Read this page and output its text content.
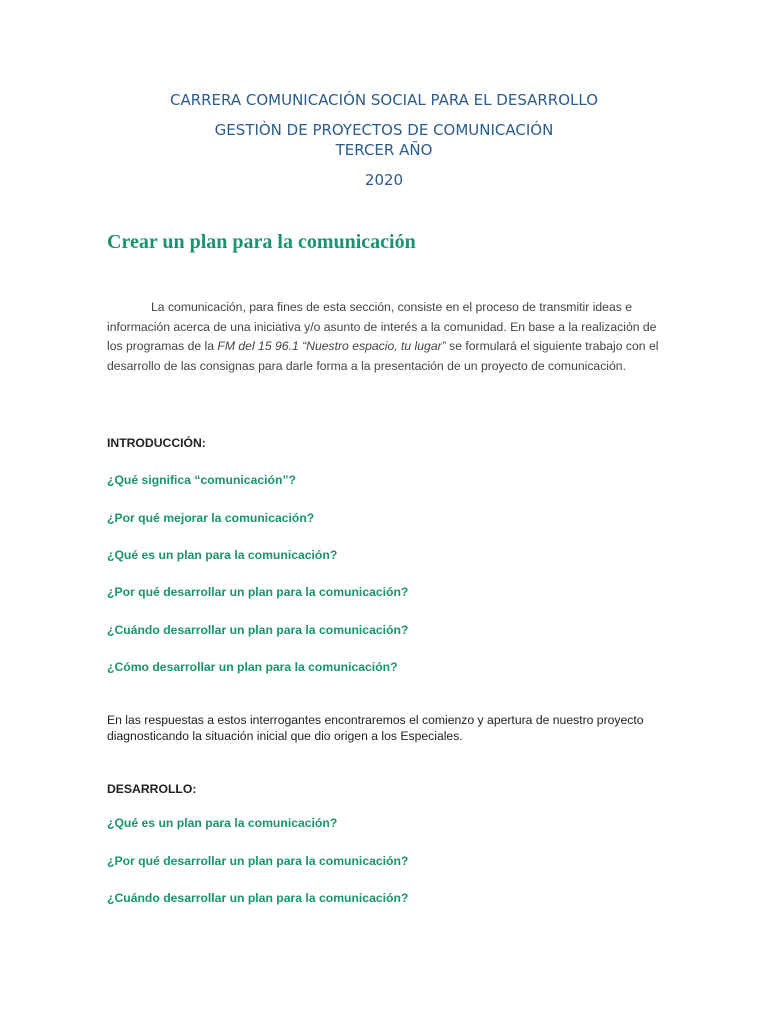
CARRERA COMUNICACIÓN SOCIAL PARA EL DESARROLLO

GESTIÒN DE PROYECTOS DE COMUNICACIÓN

TERCER AÑO

2020

Crear un plan para la comunicación

La comunicación, para fines de esta sección, consiste en el proceso de transmitir ideas e información acerca de una iniciativa y/o asunto de interés a la comunidad. En base a la realización de los programas de la FM del 15 96.1 “Nuestro espacio, tu lugar” se formulará el siguiente trabajo con el desarrollo de las consignas para darle forma a la presentación de un proyecto de comunicación.

INTRODUCCIÓN:

¿Qué significa “comunicación”?

¿Por qué mejorar la comunicación?

¿Qué es un plan para la comunicación?

¿Por qué desarrollar un plan para la comunicación?

¿Cuándo desarrollar un plan para la comunicación?

¿Cómo desarrollar un plan para la comunicación?

En las respuestas a estos interrogantes encontraremos el comienzo y apertura de nuestro proyecto diagnosticando la situación inicial que dio origen a los Especiales.

DESARROLLO:

¿Qué es un plan para la comunicación?

¿Por qué desarrollar un plan para la comunicación?

¿Cuándo desarrollar un plan para la comunicación?
